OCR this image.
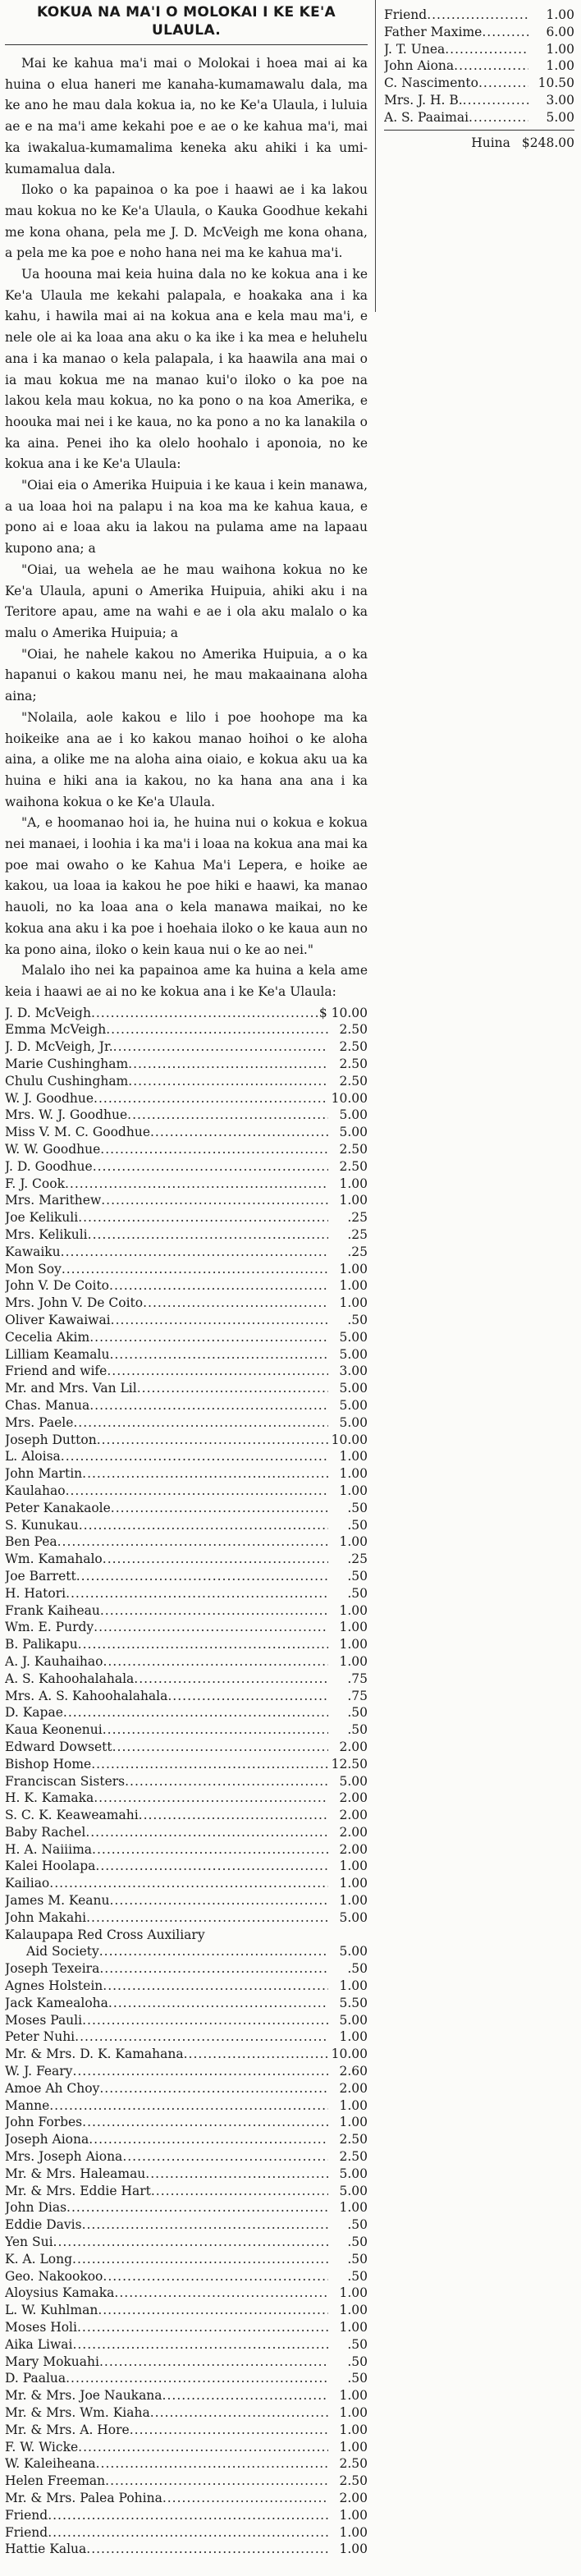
KOKUA NA MA'I O MOLOKAI I KE KE'A ULAULA.

Mai ke kahua ma'i mai o Molokai i hoea mai ai ka huina o elua haneri me kanaha-kumamawalu dala, ma ke ano he mau dala kokua ia, no ke Ke'a Ulaula, i luluia ae e na ma'i ame kekahi poe e ae o ke kahua ma'i, mai ka iwakalua-kumamalima keneka aku ahiki i ka umi-kumamalua dala.

Iloko o ka papainoa o ka poe i haawi ae i ka lakou mau kokua no ke Ke'a Ulaula, o Kauka Goodhue kekahi me kona ohana, pela me J. D. McVeigh me kona ohana, a pela me ka poe e noho hana nei ma ke kahua ma'i.

Ua hoouna mai keia huina dala no ke kokua ana i ke Ke'a Ulaula me kekahi palapala, e hoakaka ana i ka kahu, i hawila mai ai na kokua ana e kela mau ma'i, e nele ole ai ka loaa ana aku o ka ike i ka mea e heluhelu ana i ka manao o kela palapala, i ka haawila ana mai o ia mau kokua me na manao kui'o iloko o ka poe na lakou kela mau kokua, no ka pono o na koa Amerika, e hoouka mai nei i ke kaua, no ka pono a no ka lanakila o ka aina. Penei iho ka olelo hoohalo i aponoia, no ke kokua ana i ke Ke'a Ulaula:

"Oiai eia o Amerika Huipuia i ke kaua i kein manawa, a ua loaa hoi na palapu i na koa ma ke kahua kaua, e pono ai e loaa aku ia lakou na pulama ame na lapaau kupono ana; a

"Oiai, ua wehela ae he mau waihona kokua no ke Ke'a Ulaula, apuni o Amerika Huipuia, ahiki aku i na Teritore apau, ame na wahi e ae i ola aku malalo o ka malu o Amerika Huipuia; a

"Oiai, he nahele kakou no Amerika Huipuia, a o ka hapanui o kakou manu nei, he mau makaainana aloha aina;

"Nolaila, aole kakou e lilo i poe hoohope ma ka hoikeike ana ae i ko kakou manao hoihoi o ke aloha aina, a olike me na aloha aina oiaio, e kokua aku ua ka huina e hiki ana ia kakou, no ka hana ana ana i ka waihona kokua o ke Ke'a Ulaula.

"A, e hoomanao hoi ia, he huina nui o kokua e kokua nei manaei, i loohia i ka ma'i i loaa na kokua ana mai ka poe mai owaho o ke Kahua Ma'i Lepera, e hoike ae kakou, ua loaa ia kakou he poe hiki e haawi, ka manao hauoli, no ka loaa ana o kela manawa maikai, no ke kokua ana aku i ka poe i hoehaia iloko o ke kaua aun no ka pono aina, iloko o kein kaua nui o ke ao nei."

Malalo iho nei ka papainoa ame ka huina a kela ame keia i haawi ae ai no ke kokua ana i ke Ke'a Ulaula:

J. D. McVeigh .....	$ 10.00
Emma McVeigh .....	2.50
J. D. McVeigh, Jr. .....	2.50
Marie Cushingham .....	2.50
Chulu Cushingham .....	2.50
W. J. Goodhue .....	10.00
Mrs. W. J. Goodhue .....	5.00
Miss V. M. C. Goodhue .....	5.00
W. W. Goodhue .....	2.50
J. D. Goodhue .....	2.50
F. J. Cook .....	1.00
Mrs. Marithew .....	1.00
Joe Kelikuli .....	.25
Mrs. Kelikuli .....	.25
Kawaiku .....	.25
Mon Soy .....	1.00
John V. De Coito .....	1.00
Mrs. John V. De Coito .....	1.00
Oliver Kawaiwai .....	.50
Cecelia Akim .....	5.00
Lilliam Keamalu .....	5.00
Friend and wife .....	3.00
Mr. and Mrs. Van Lil .....	5.00
Chas. Manua .....	5.00
Mrs. Paele .....	5.00
Joseph Dutton .....	10.00
L. Aloisa .....	1.00
John Martin .....	1.00
Kaulahao .....	1.00
Peter Kanakaole .....	.50
S. Kunukau .....	.50
Ben Pea .....	1.00
Wm. Kamahalo .....	.25
Joe Barrett .....	.50
H. Hatori .....	.50
Frank Kaiheau .....	1.00
Wm. E. Purdy .....	1.00
B. Palikapu .....	1.00
A. J. Kauhaihao .....	1.00
A. S. Kahoohalahala .....	.75
Mrs. A. S. Kahoohalahala .....	.75
D. Kapae .....	.50
Kaua Keonenui .....	.50
Edward Dowsett .....	2.00
Bishop Home .....	12.50
Franciscan Sisters .....	5.00
H. K. Kamaka .....	2.00
S. C. K. Keaweamahi .....	2.00
Baby Rachel .....	2.00
H. A. Naiiima .....	2.00
Kalei Hoolapa .....	1.00
Kailiao .....	1.00
James M. Keanu .....	1.00
John Makahi .....	5.00
Kalaupapa Red Cross Auxiliary
Aid Society .....	5.00
Joseph Texeira .....	.50
Agnes Holstein .....	1.00
Jack Kamealoha .....	5.50
Moses Pauli .....	5.00
Peter Nuhi .....	1.00
Mr. & Mrs. D. K. Kamahana .....	10.00
W. J. Feary .....	2.60
Amoe Ah Choy .....	2.00
Manne .....	1.00
John Forbes .....	1.00
Joseph Aiona .....	2.50
Mrs. Joseph Aiona .....	2.50
Mr. & Mrs. Haleamau .....	5.00
Mr. & Mrs. Eddie Hart .....	5.00
John Dias .....	1.00
Eddie Davis .....	.50
Yen Sui .....	.50
K. A. Long .....	.50
Geo. Nakookoo .....	.50
Aloysius Kamaka .....	1.00
L. W. Kuhlman .....	1.00
Moses Holi .....	1.00
Aika Liwai .....	.50
Mary Mokuahi .....	.50
D. Paalua .....	.50
Mr. & Mrs. Joe Naukana .....	1.00
Mr. & Mrs. Wm. Kiaha .....	1.00
Mr. & Mrs. A. Hore .....	1.00
F. W. Wicke .....	1.00
W. Kaleiheana .....	2.50
Helen Freeman .....	2.50
Mr. & Mrs. Palea Pohina .....	2.00
Friend .....	1.00
Friend .....	1.00
Hattie Kalua .....	1.00
Friend .....	1.00
Father Maxime .....	6.00
J. T. Unea .....	1.00
John Aiona .....	1.00
C. Nascimento .....	10.50
Mrs. J. H. B. .....	3.00
A. S. Paaimai .....	5.00
Huina $248.00
